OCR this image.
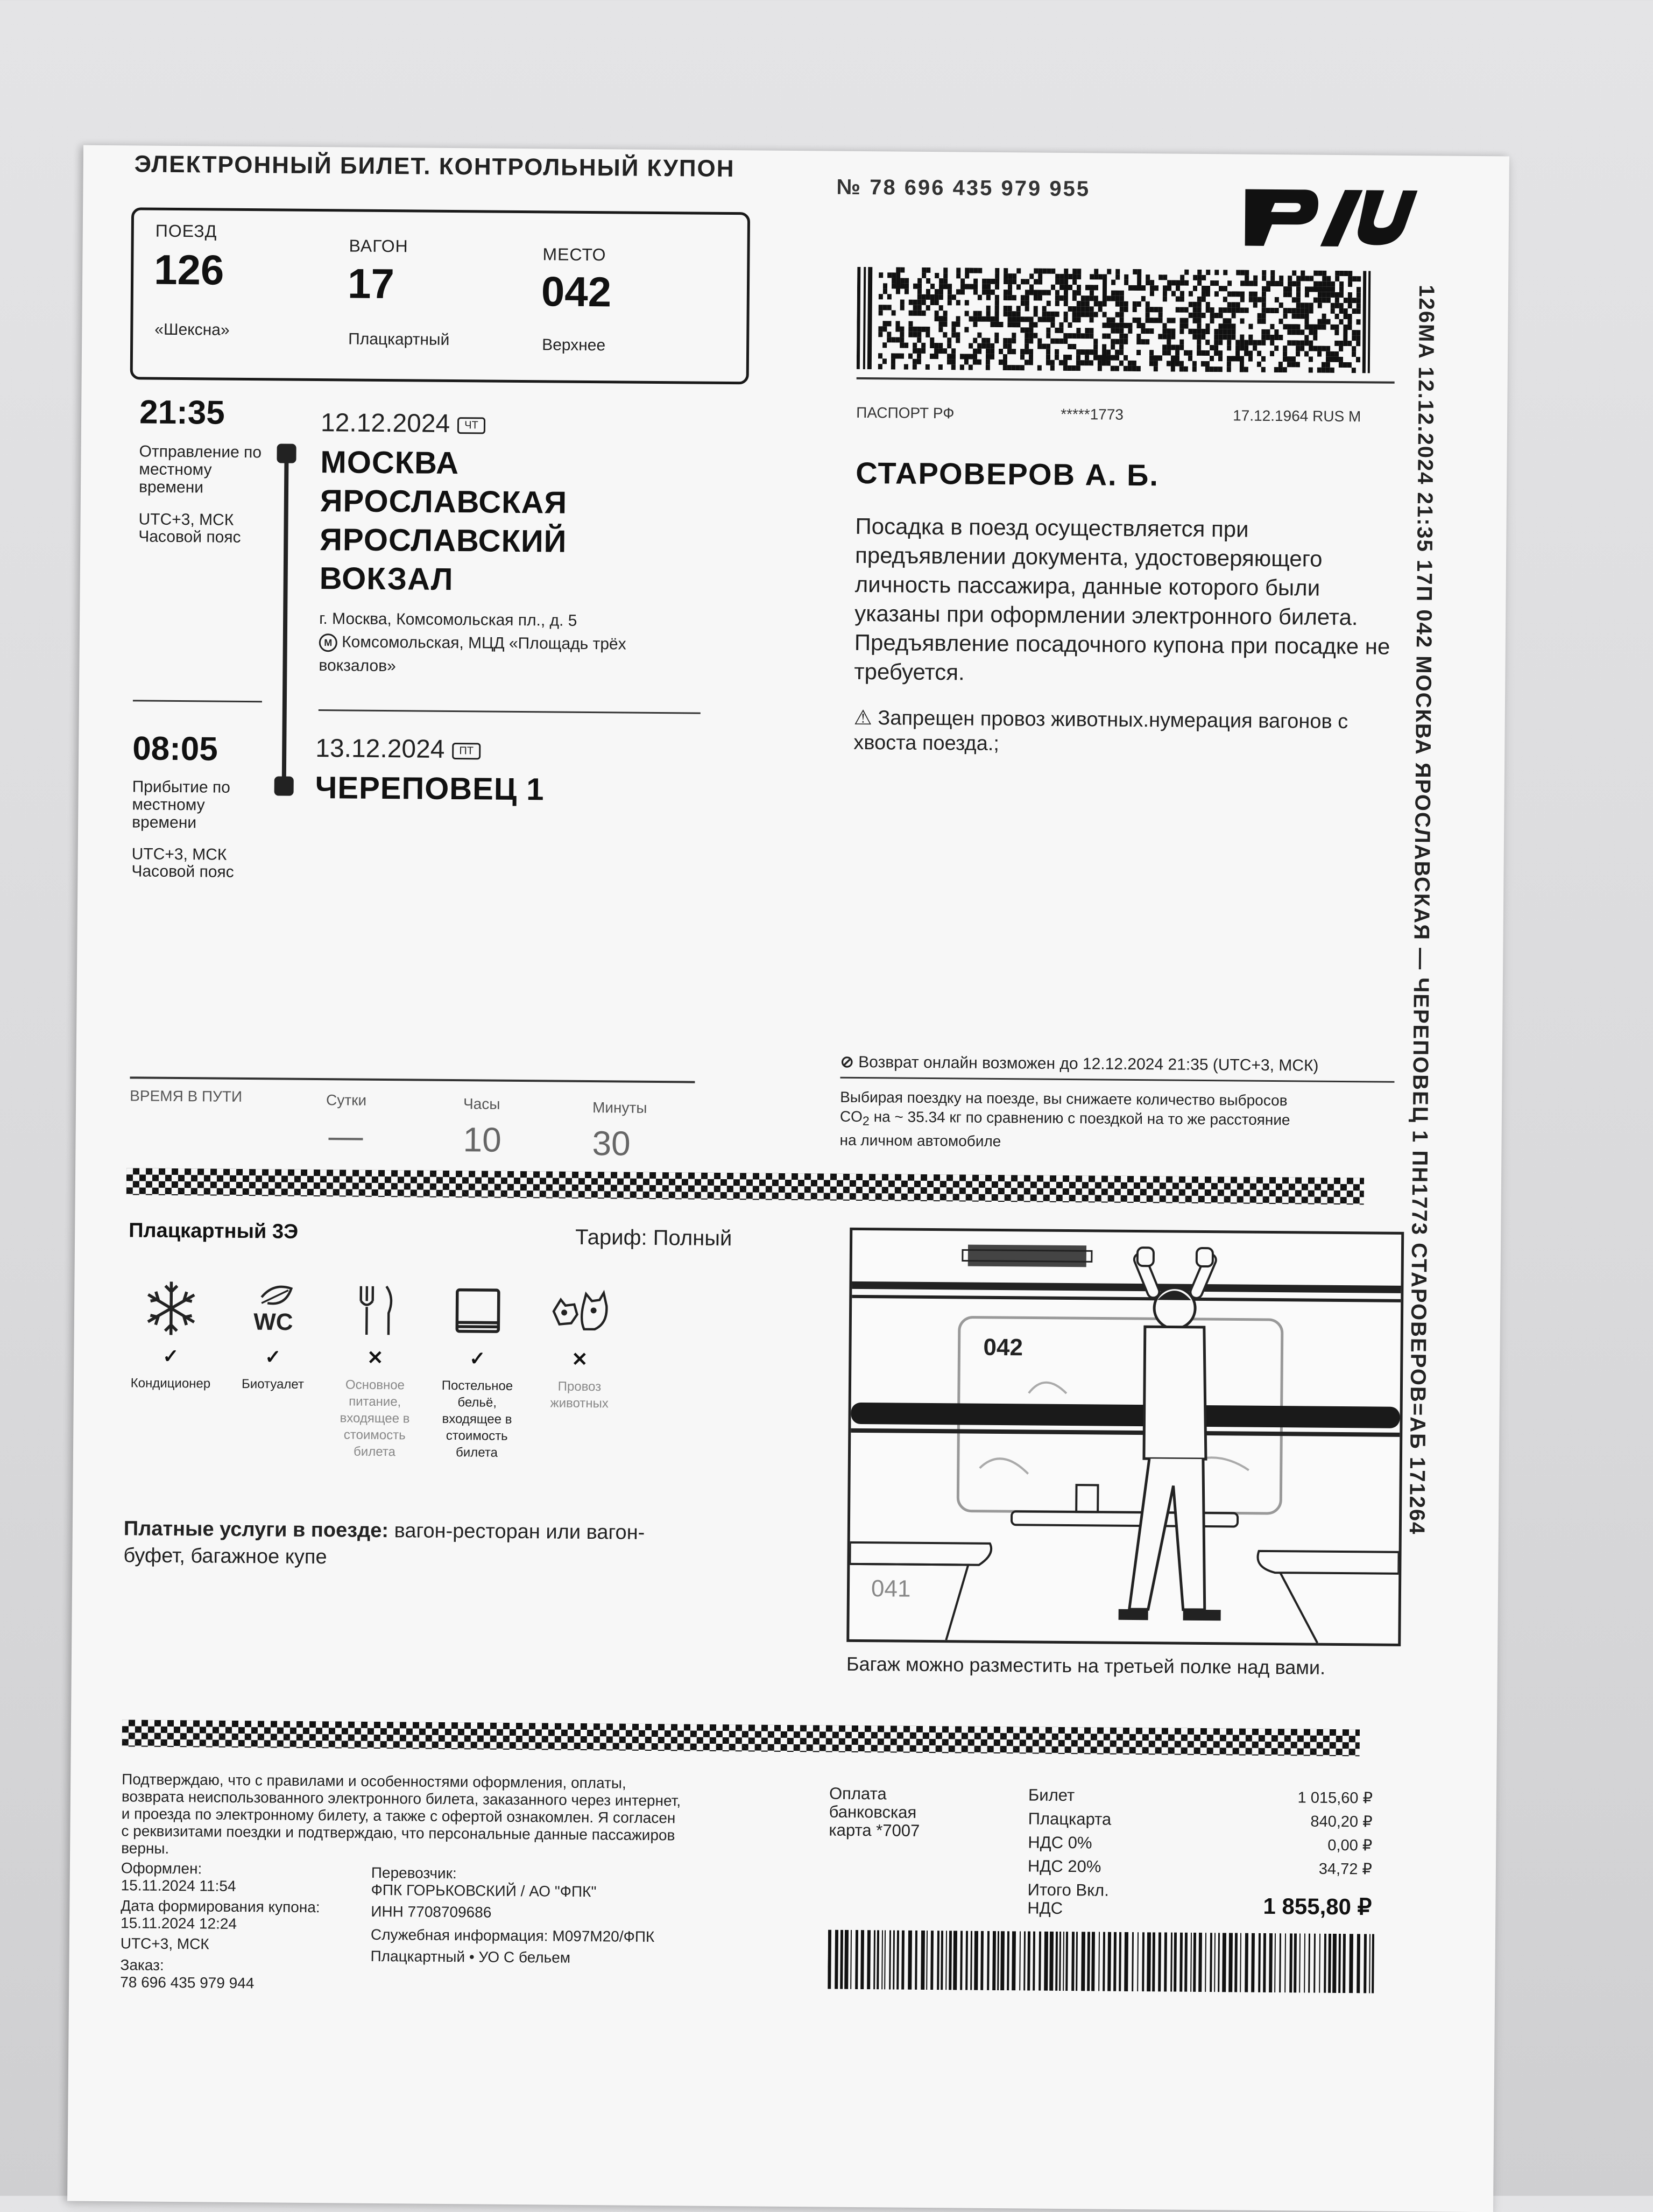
ЭЛЕКТРОННЫЙ БИЛЕТ. КОНТРОЛЬНЫЙ КУПОН
№ 78 696 435 979 955
ПОЕЗД
126
«Шексна»
ВАГОН
17
Плацкартный
МЕСТО
042
Верхнее
21:35
Отправление по местному времени
UTC+3, МСК
Часовой пояс
12.12.2024 ЧТ
МОСКВА
ЯРОСЛАВСКАЯ
ЯРОСЛАВСКИЙ
ВОКЗАЛ
г. Москва, Комсомольская пл., д. 5
М Комсомольская, МЦД «Площадь трёх вокзалов»
08:05
Прибытие по местному времени
UTC+3, МСК
Часовой пояс
13.12.2024 ПТ
ЧЕРЕПОВЕЦ 1
ПАСПОРТ РФ	*****1773	17.12.1964 RUS M
СТАРОВЕРОВ А. Б.
Посадка в поезд осуществляется при предъявлении документа, удостоверяющего личность пассажира, данные которого были указаны при оформлении электронного билета. Предъявление посадочного купона при посадке не требуется.
⚠ Запрещен провоз животных.нумерация вагонов с хвоста поезда.;	126МА 12.12.2024 21:35 17П 042 МОСКВА ЯРОСЛАВСКАЯ — ЧЕРЕПОВЕЦ 1 ПН1773 СТАРОВЕРОВ=АБ 171264
⊘ Возврат онлайн возможен до 12.12.2024 21:35 (UTC+3, МСК)
Выбирая поездку на поезде, вы снижаете количество выбросов
$CO_2$ на ~ 35.34 кг по сравнению с поездкой на то же расстояние
на личном автомобиле
ВРЕМЯ В ПУТИ	Сутки
—
Часы
10
Минуты
30
Плацкартный 3Э	Тариф: Полный
✓
Кондиционер
WC
✓
Биотуалет
✕
Основное питание, входящее в стоимость билета
✓
Постельное бельё, входящее в стоимость билета
✕
Провоз животных
Платные услуги в поезде: вагон-ресторан или вагон-буфет, багажное купе
042
041
Багаж можно разместить на третьей полке над вами.
Подтверждаю, что с правилами и особенностями оформления, оплаты, возврата неиспользованного электронного билета, заказанного через интернет, и проезда по электронному билету, а также с офертой ознакомлен. Я согласен с реквизитами поездки и подтверждаю, что персональные данные пассажиров верны.
Оформлен:
15.11.2024 11:54
Дата формирования купона:
15.11.2024 12:24
UTC+3, МСК
Заказ:
78 696 435 979 944
Перевозчик:
ФПК ГОРЬКОВСКИЙ / АО "ФПК"
ИНН 7708709686
Служебная информация: М097М20/ФПК
Плацкартный • УО С бельем
Оплата банковская карта *7007
Билет	1 015,60 ₽
Плацкарта	840,20 ₽
НДС 0%	0,00 ₽
НДС 20%	34,72 ₽
Итого Вкл. НДС	1 855,80 ₽
